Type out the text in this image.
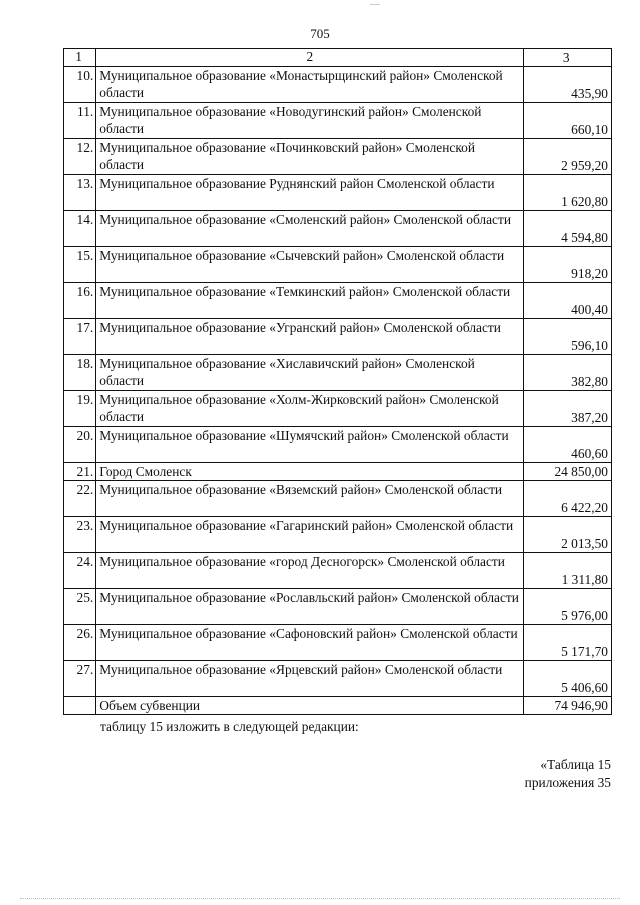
705
1	2	3
10.	Муниципальное образование «Монастырщинский район» Смоленской области	435,90
11.	Муниципальное образование «Новодугинский район» Смоленской области	660,10
12.	Муниципальное образование «Починковский район» Смоленской области	2 959,20
13.	Муниципальное образование Руднянский район Смоленской области	1 620,80
14.	Муниципальное образование «Смоленский район» Смоленской области	4 594,80
15.	Муниципальное образование «Сычевский район» Смоленской области	918,20
16.	Муниципальное образование «Темкинский район» Смоленской области	400,40
17.	Муниципальное образование «Угранский район» Смоленской области	596,10
18.	Муниципальное образование «Хиславичский район» Смоленской области	382,80
19.	Муниципальное образование «Холм-Жирковский район» Смоленской области	387,20
20.	Муниципальное образование «Шумячский район» Смоленской области	460,60
21.	Город Смоленск	24 850,00
22.	Муниципальное образование «Вяземский район» Смоленской области	6 422,20
23.	Муниципальное образование «Гагаринский район» Смоленской области	2 013,50
24.	Муниципальное образование «город Десногорск» Смоленской области	1 311,80
25.	Муниципальное образование «Рославльский район» Смоленской области	5 976,00
26.	Муниципальное образование «Сафоновский район» Смоленской области	5 171,70
27.	Муниципальное образование «Ярцевский район» Смоленской области	5 406,60
	Объем субвенции	74 946,90
таблицу 15 изложить в следующей редакции:
«Таблица 15
приложения 35
